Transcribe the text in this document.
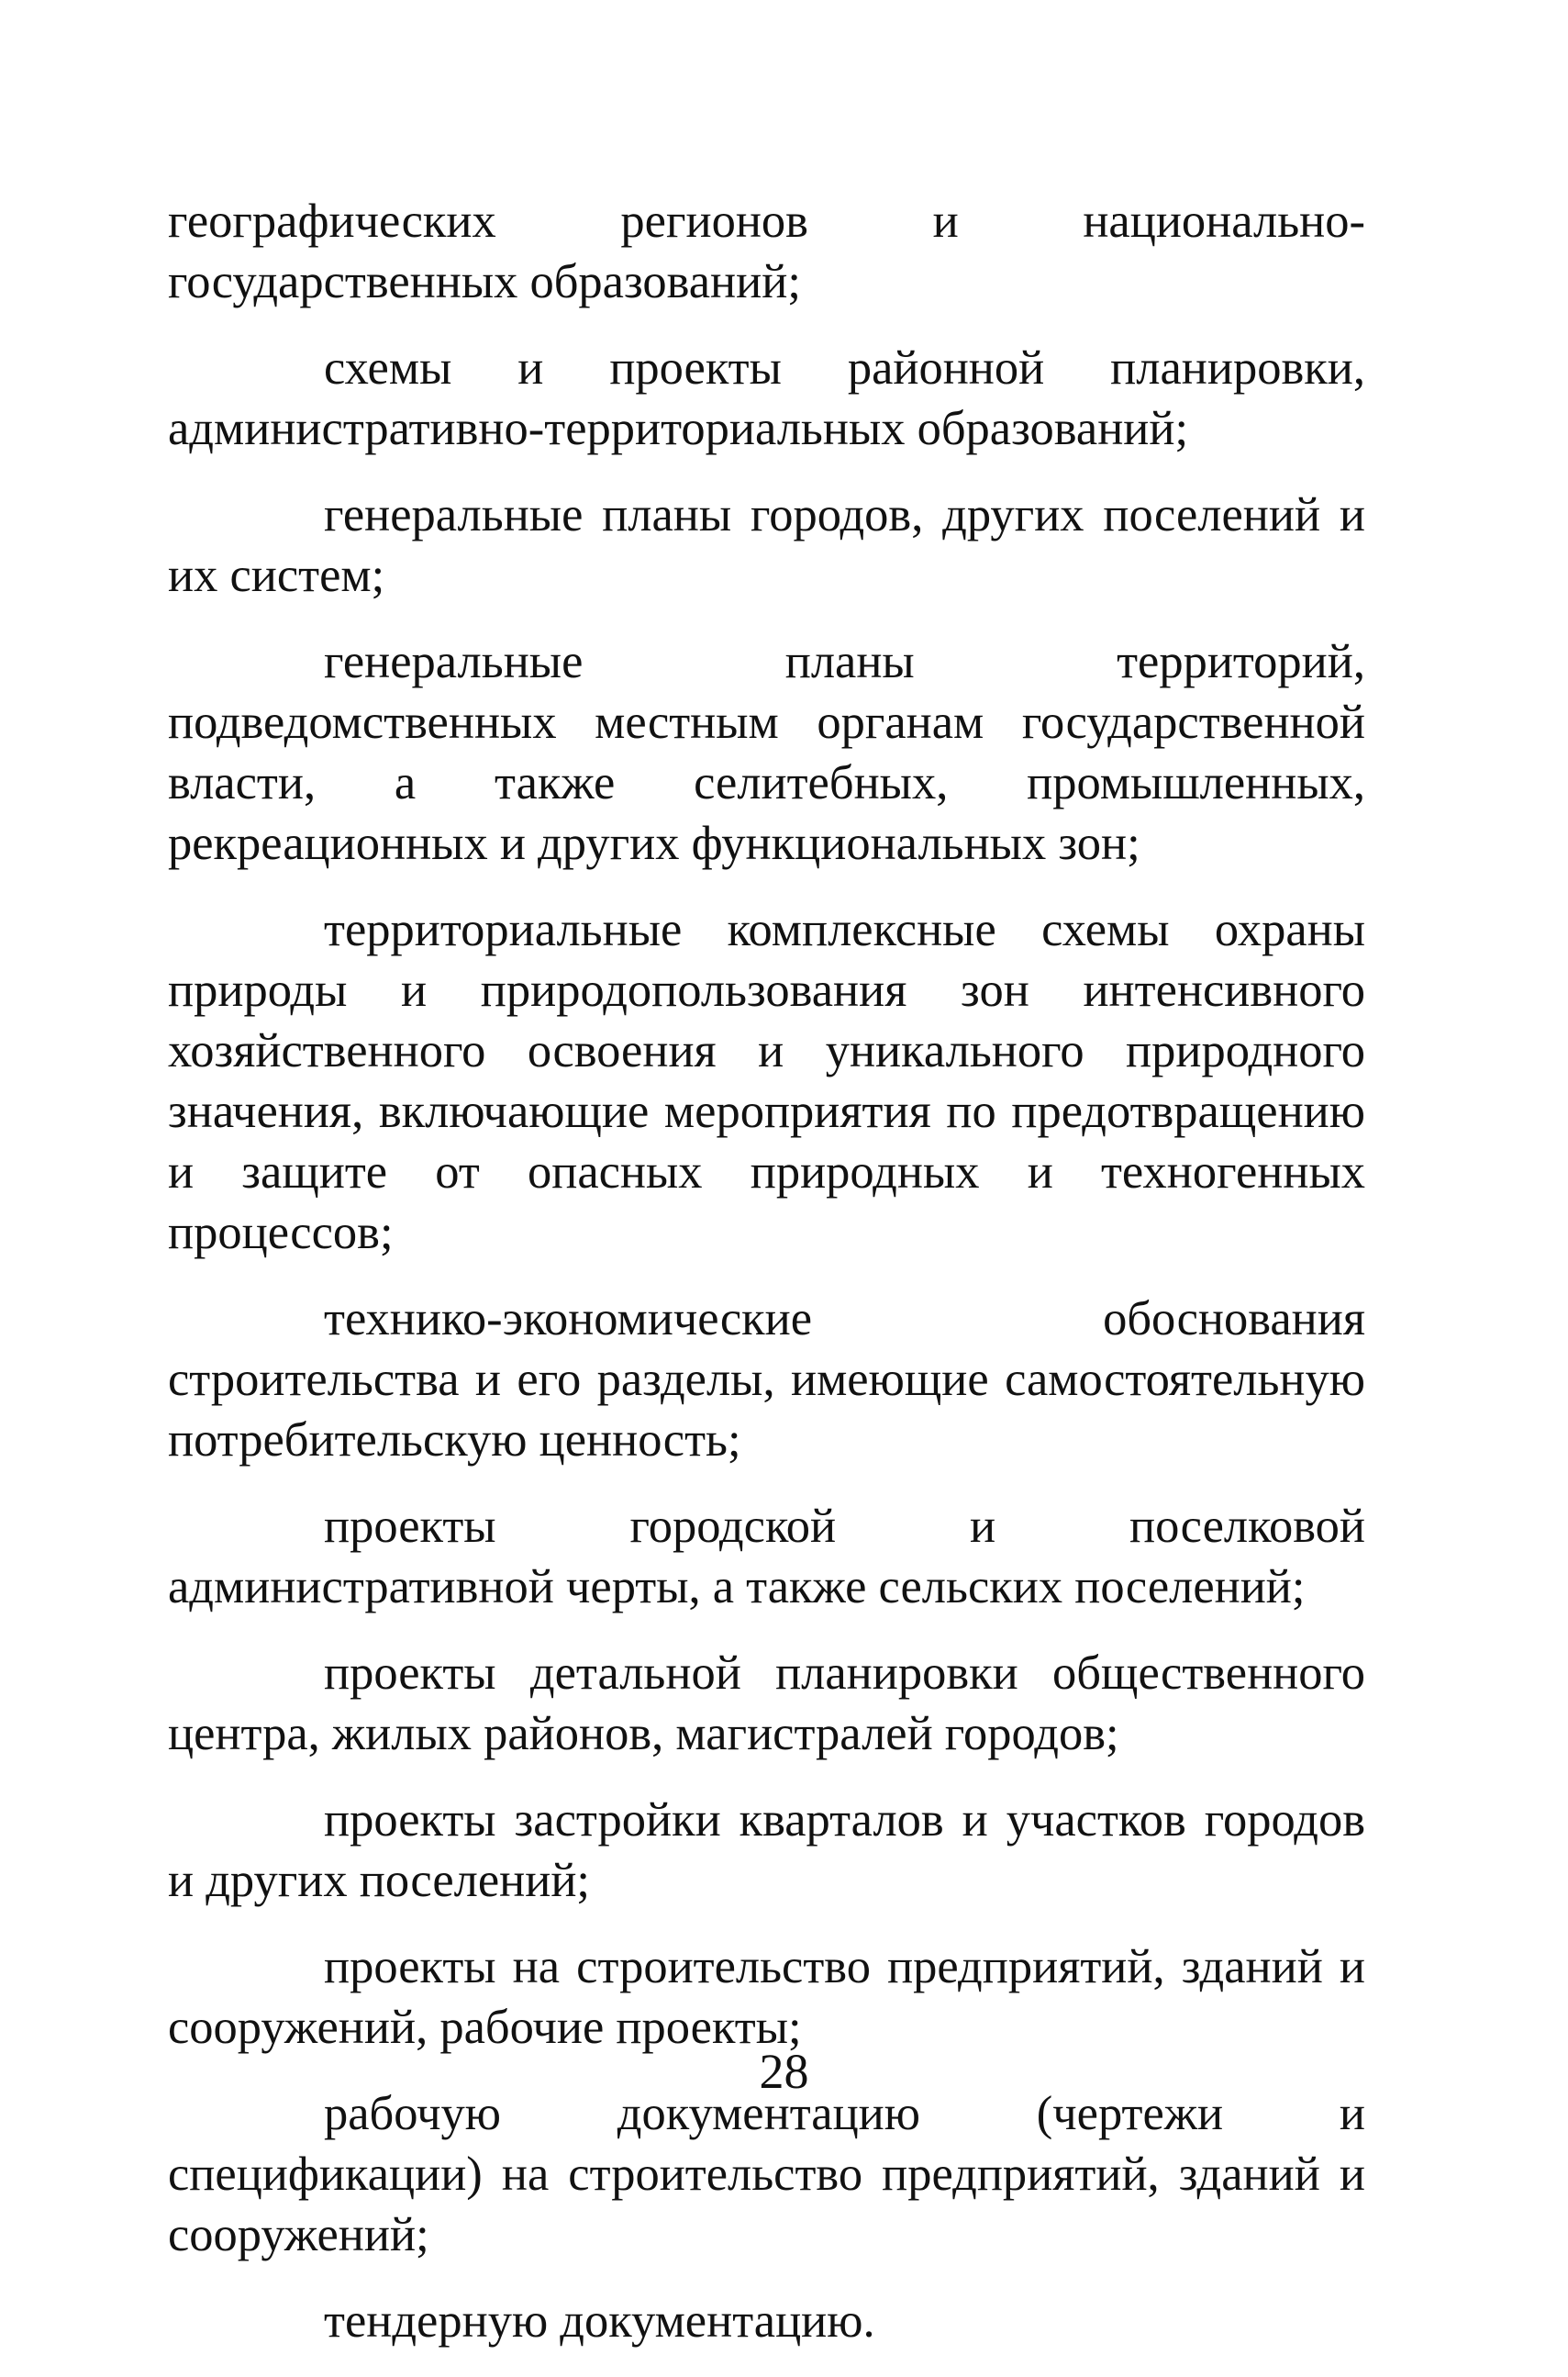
географических регионов и национально-государственных образований;

схемы и проекты районной планировки, административно-территориальных образований;

генеральные планы городов, других поселений и их систем;

генеральные планы территорий, подведомственных местным органам государственной власти, а также селитебных, промышленных, рекреационных и других функциональных зон;

территориальные комплексные схемы охраны природы и природопользования зон интенсивного хозяйственного освоения и уникального природного значения, включающие мероприятия по предотвращению и защите от опасных природных и техногенных процессов;

технико-экономические обоснования строительства и его разделы, имеющие самостоятельную потребительскую ценность;

проекты городской и поселковой административной черты, а также сельских поселений;

проекты детальной планировки общественного центра, жилых районов, магистралей городов;

проекты застройки кварталов и участков городов и других поселений;

проекты на строительство предприятий, зданий и сооружений, рабочие проекты;

рабочую документацию (чертежи и спецификации) на строительство предприятий, зданий и сооружений;

тендерную документацию.

28
